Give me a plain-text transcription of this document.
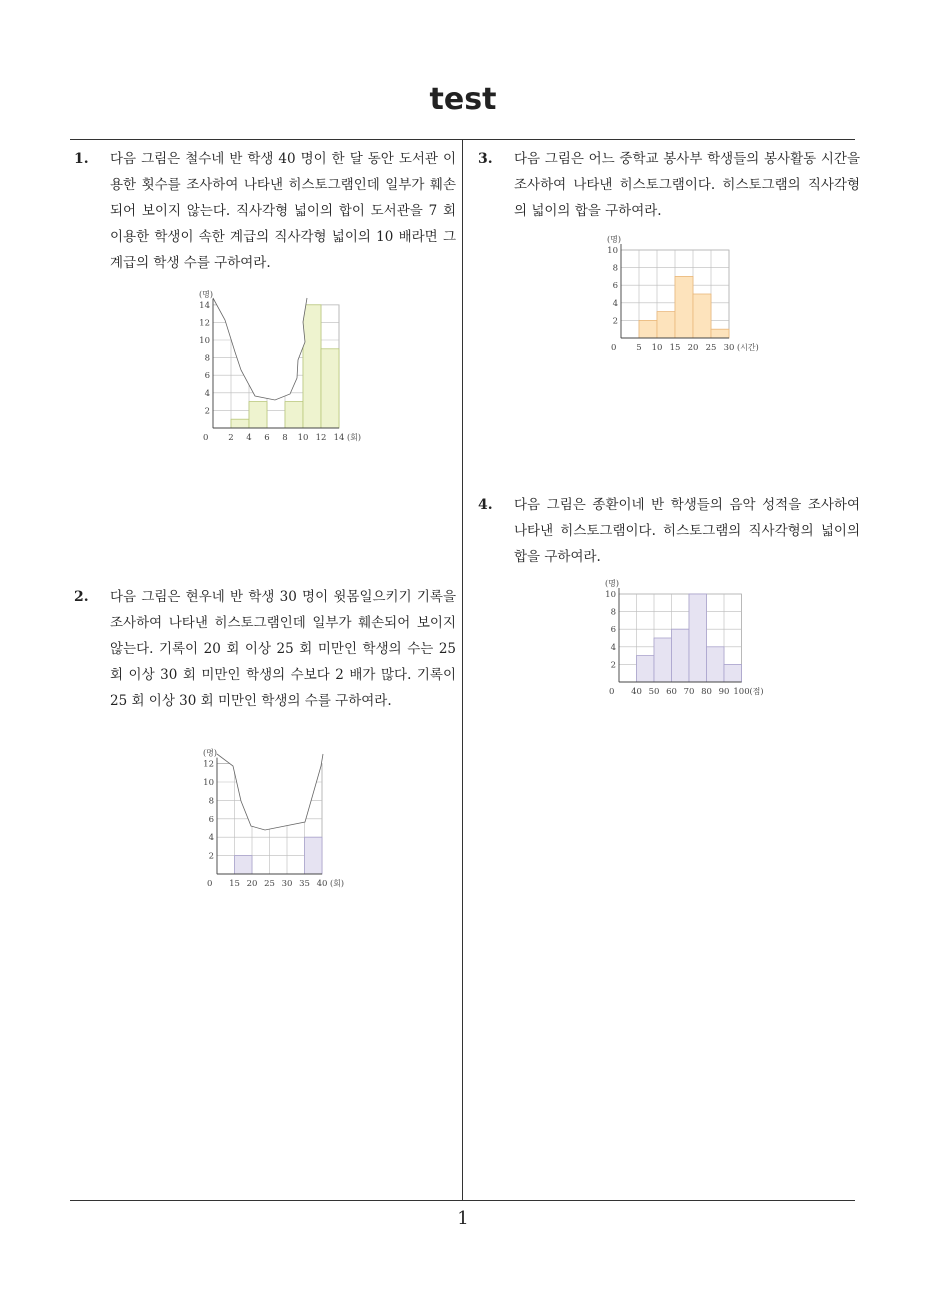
test
1. 다음 그림은 철수네 반 학생 40 명이 한 달 동안 도서관 이용한 횟수를 조사하여 나타낸 히스토그램인데 일부가 훼손되어 보이지 않는다. 직사각형 넓이의 합이 도서관을 7 회 이용한 학생이 속한 계급의 직사각형 넓이의 10 배라면 그 계급의 학생 수를 구하여라.
2. 다음 그림은 현우네 반 학생 30 명이 윗몸일으키기 기록을 조사하여 나타낸 히스토그램인데 일부가 훼손되어 보이지 않는다. 기록이 20 회 이상 25 회 미만인 학생의 수는 25 회 이상 30 회 미만인 학생의 수보다 2 배가 많다. 기록이 25 회 이상 30 회 미만인 학생의 수를 구하여라.
3. 다음 그림은 어느 중학교 봉사부 학생들의 봉사활동 시간을 조사하여 나타낸 히스토그램이다. 히스토그램의 직사각형의 넓이의 합을 구하여라.
4. 다음 그림은 종환이네 반 학생들의 음악 성적을 조사하여 나타낸 히스토그램이다. 히스토그램의 직사각형의 넓이의 합을 구하여라.
2
4
6
8
10
12
14
(명)
0 2 4 6 8 10 12 14 (회)
2
4
6
8
10
12
(명)
0 15 20 25 30 35 40 (회)
2
4
6
8
10
(명)
0 5 10 15 20 25 30 (시간)
2
4
6
8
10
(명)
0 40 50 60 70 80 90 100 (점)
1
